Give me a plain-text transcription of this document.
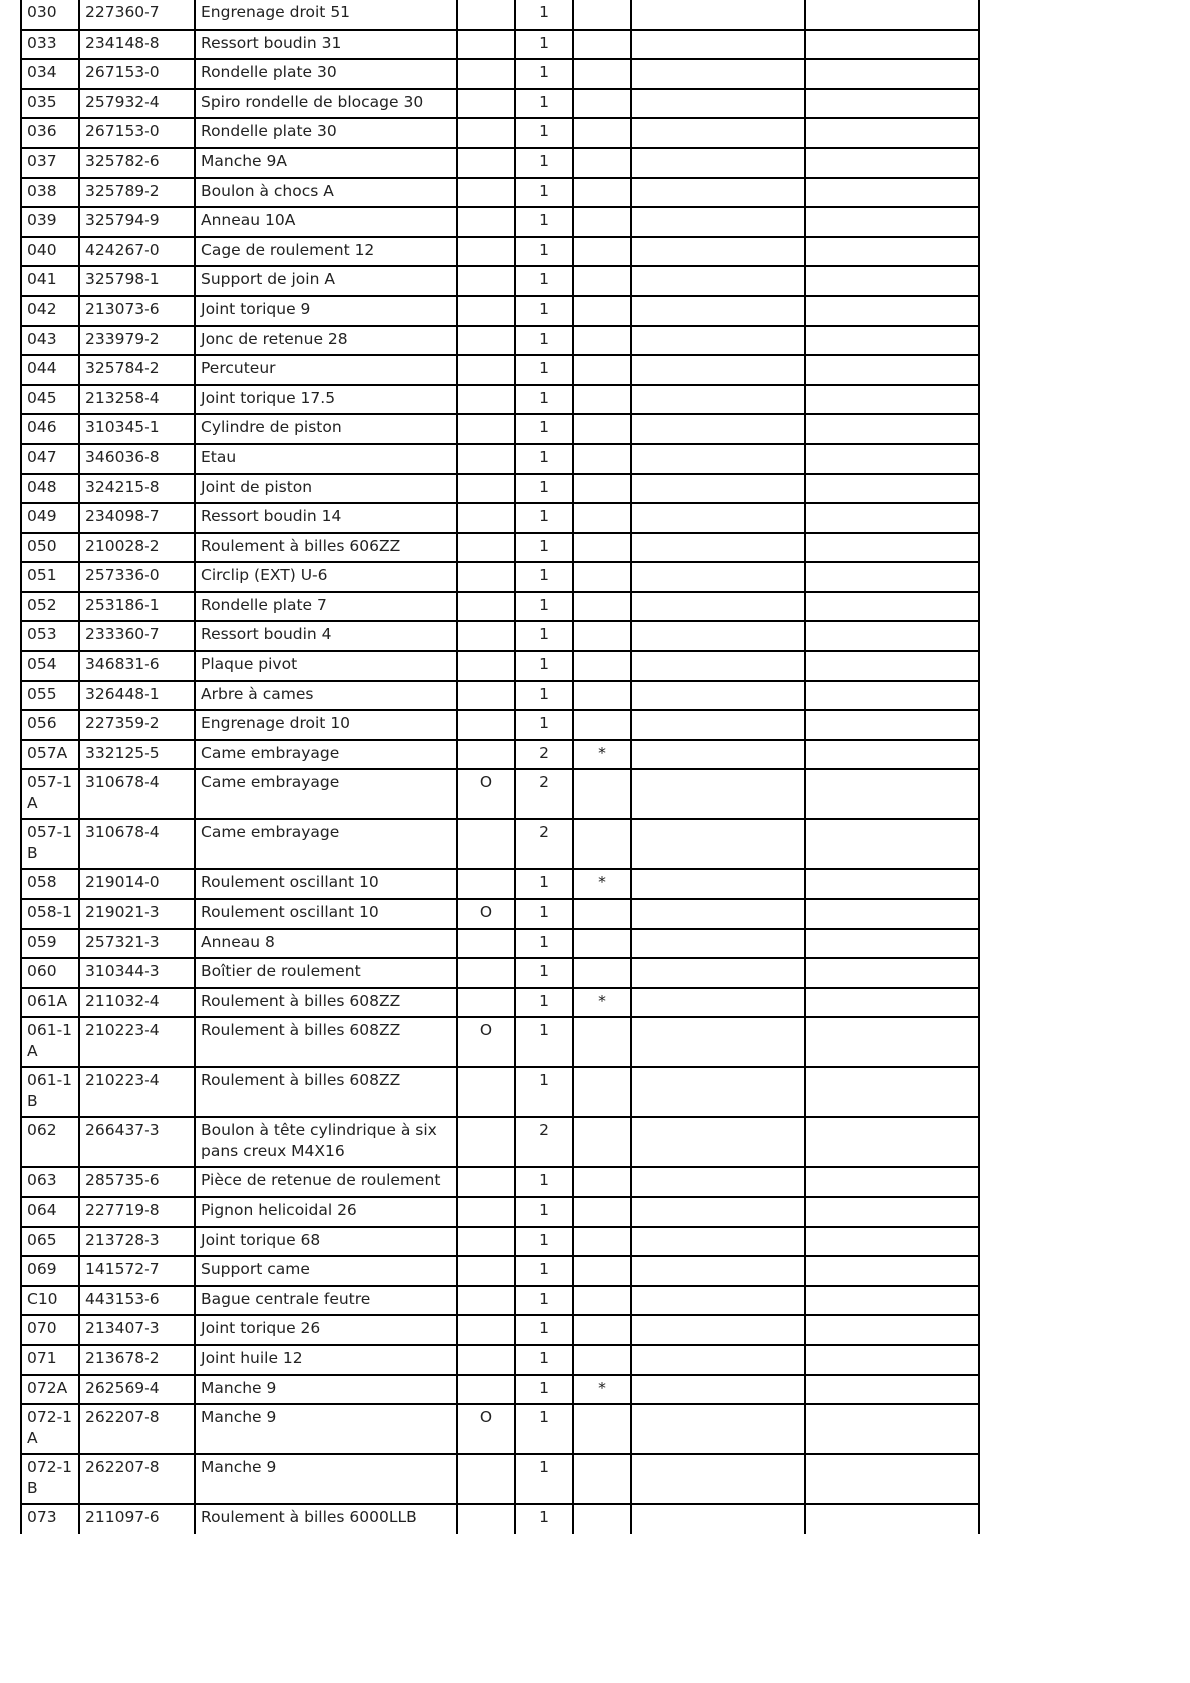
030	227360-7	Engrenage droit 51		1			
033	234148-8	Ressort boudin 31		1			
034	267153-0	Rondelle plate 30		1			
035	257932-4	Spiro rondelle de blocage 30		1			
036	267153-0	Rondelle plate 30		1			
037	325782-6	Manche 9A		1			
038	325789-2	Boulon à chocs A		1			
039	325794-9	Anneau 10A		1			
040	424267-0	Cage de roulement 12		1			
041	325798-1	Support de join A		1			
042	213073-6	Joint torique 9		1			
043	233979-2	Jonc de retenue 28		1			
044	325784-2	Percuteur		1			
045	213258-4	Joint torique 17.5		1			
046	310345-1	Cylindre de piston		1			
047	346036-8	Etau		1			
048	324215-8	Joint de piston		1			
049	234098-7	Ressort boudin 14		1			
050	210028-2	Roulement à billes 606ZZ		1			
051	257336-0	Circlip (EXT) U-6		1			
052	253186-1	Rondelle plate 7		1			
053	233360-7	Ressort boudin 4		1			
054	346831-6	Plaque pivot		1			
055	326448-1	Arbre à cames		1			
056	227359-2	Engrenage droit 10		1			
057A	332125-5	Came embrayage		2	*		
057-1A	310678-4	Came embrayage	O	2			
057-1B	310678-4	Came embrayage		2			
058	219014-0	Roulement oscillant 10		1	*		
058-1	219021-3	Roulement oscillant 10	O	1			
059	257321-3	Anneau 8		1			
060	310344-3	Boîtier de roulement		1			
061A	211032-4	Roulement à billes 608ZZ		1	*		
061-1A	210223-4	Roulement à billes 608ZZ	O	1			
061-1B	210223-4	Roulement à billes 608ZZ		1			
062	266437-3	Boulon à tête cylindrique à six pans creux M4X16		2			
063	285735-6	Pièce de retenue de roulement		1			
064	227719-8	Pignon helicoidal 26		1			
065	213728-3	Joint torique 68		1			
069	141572-7	Support came		1			
C10	443153-6	Bague centrale feutre		1			
070	213407-3	Joint torique 26		1			
071	213678-2	Joint huile 12		1			
072A	262569-4	Manche 9		1	*		
072-1A	262207-8	Manche 9	O	1			
072-1B	262207-8	Manche 9		1			
073	211097-6	Roulement à billes 6000LLB		1			
